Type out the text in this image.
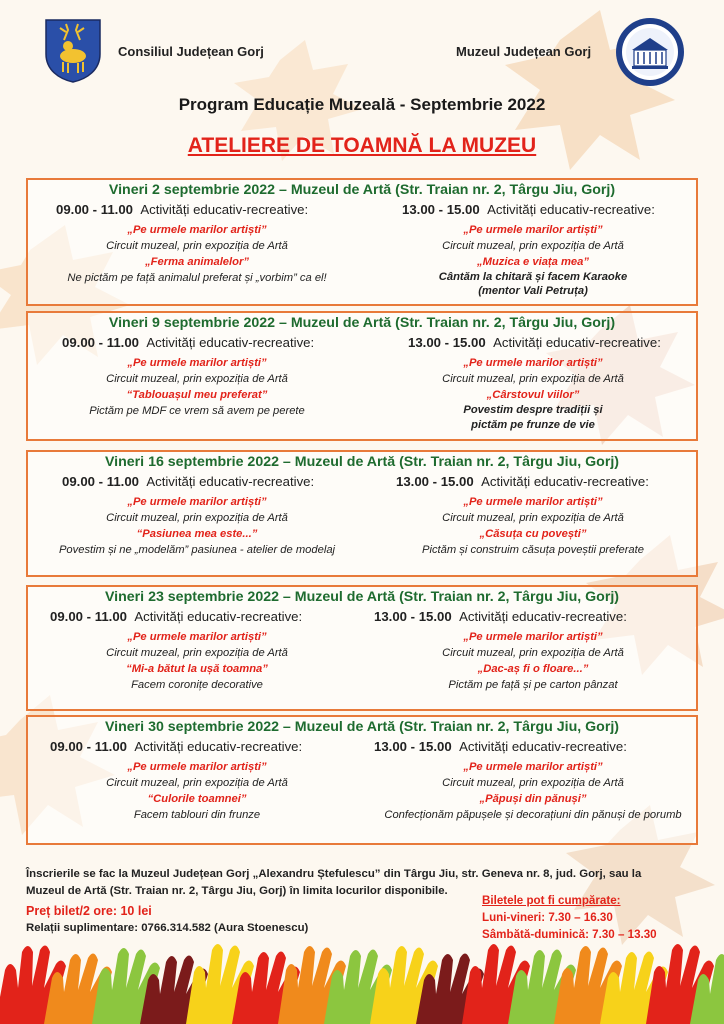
Consiliul Județean Gorj	Muzeul Județean Gorj
Program Educație Muzeală - Septembrie 2022
ATELIERE DE TOAMNĂ LA MUZEU
Vineri 2 septembrie 2022 – Muzeul de Artă (Str. Traian nr. 2, Târgu Jiu, Gorj)
09.00 - 11.00 Activități educativ-recreative:
„Pe urmele marilor artiști”
Circuit muzeal, prin expoziția de Artă
„Ferma animalelor”
Ne pictăm pe față animalul preferat și „vorbim” ca el!
13.00 - 15.00 Activități educativ-recreative:
„Pe urmele marilor artiști”
Circuit muzeal, prin expoziția de Artă
„Muzica e viața mea”
Cântăm la chitară și facem Karaoke
(mentor Vali Petruța)
Vineri 9 septembrie 2022 – Muzeul de Artă (Str. Traian nr. 2, Târgu Jiu, Gorj)
09.00 - 11.00 Activități educativ-recreative:
„Pe urmele marilor artiști”
Circuit muzeal, prin expoziția de Artă
“Tablouașul meu preferat”
Pictăm pe MDF ce vrem să avem pe perete
13.00 - 15.00 Activități educativ-recreative:
„Pe urmele marilor artiști”
Circuit muzeal, prin expoziția de Artă
„Cârstovul viilor”
Povestim despre tradiții și
pictăm pe frunze de vie
Vineri 16 septembrie 2022 – Muzeul de Artă (Str. Traian nr. 2, Târgu Jiu, Gorj)
09.00 - 11.00 Activități educativ-recreative:
„Pe urmele marilor artiști”
Circuit muzeal, prin expoziția de Artă
“Pasiunea mea este...”
Povestim și ne „modelăm” pasiunea - atelier de modelaj
13.00 - 15.00 Activități educativ-recreative:
„Pe urmele marilor artiști”
Circuit muzeal, prin expoziția de Artă
„Căsuța cu povești”
Pictăm și construim căsuța poveștii preferate
Vineri 23 septembrie 2022 – Muzeul de Artă (Str. Traian nr. 2, Târgu Jiu, Gorj)
09.00 - 11.00 Activități educativ-recreative:
„Pe urmele marilor artiști”
Circuit muzeal, prin expoziția de Artă
“Mi-a bătut la ușă toamna”
Facem coronițe decorative
13.00 - 15.00 Activități educativ-recreative:
„Pe urmele marilor artiști”
Circuit muzeal, prin expoziția de Artă
„Dac-aș fi o floare...”
Pictăm pe față și pe carton pânzat
Vineri 30 septembrie 2022 – Muzeul de Artă (Str. Traian nr. 2, Târgu Jiu, Gorj)
09.00 - 11.00 Activități educativ-recreative:
„Pe urmele marilor artiști”
Circuit muzeal, prin expoziția de Artă
“Culorile toamnei”
Facem tablouri din frunze
13.00 - 15.00 Activități educativ-recreative:
„Pe urmele marilor artiști”
Circuit muzeal, prin expoziția de Artă
„Păpuși din pănuși”
Confecționăm păpușele și decorațiuni din pănuși de porumb
Înscrierile se fac la Muzeul Județean Gorj „Alexandru Ștefulescu” din Târgu Jiu, str. Geneva nr. 8, jud. Gorj, sau la
Muzeul de Artă (Str. Traian nr. 2, Târgu Jiu, Gorj) în limita locurilor disponibile.
Preț bilet/2 ore: 10 lei
Relații suplimentare: 0766.314.582 (Aura Stoenescu)
Biletele pot fi cumpărate:
Luni-vineri: 7.30 – 16.30
Sâmbătă-duminică: 7.30 – 13.30
